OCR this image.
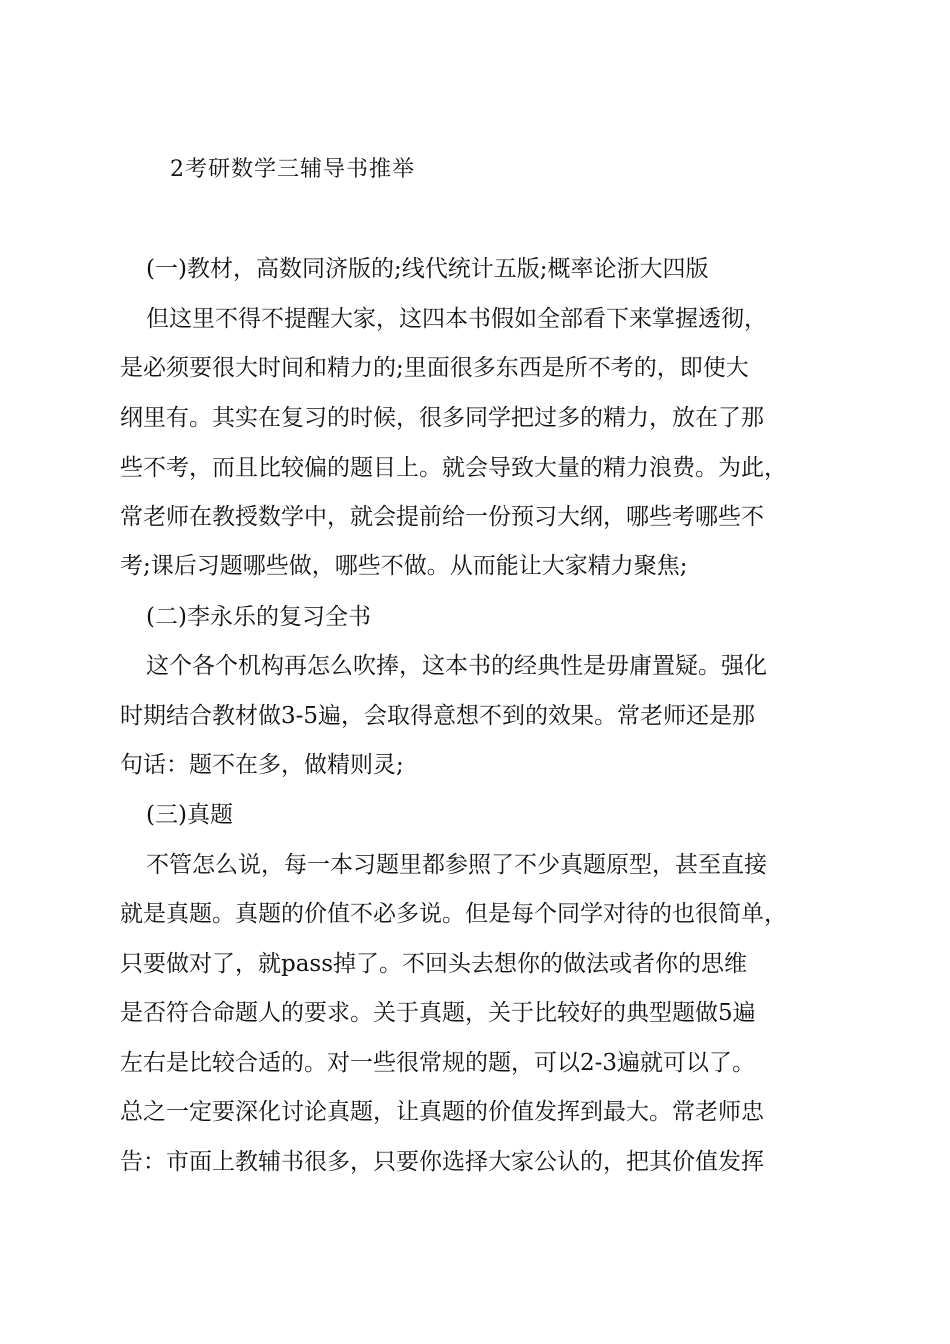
2考研数学三辅导书推举
(一)教材，高数同济版的;线代统计五版;概率论浙大四版
但这里不得不提醒大家，这四本书假如全部看下来掌握透彻，
是必须要很大时间和精力的;里面很多东西是所不考的，即使大
纲里有。其实在复习的时候，很多同学把过多的精力，放在了那
些不考，而且比较偏的题目上。就会导致大量的精力浪费。为此，
常老师在教授数学中，就会提前给一份预习大纲，哪些考哪些不
考;课后习题哪些做，哪些不做。从而能让大家精力聚焦;
(二)李永乐的复习全书
这个各个机构再怎么吹捧，这本书的经典性是毋庸置疑。强化
时期结合教材做3-5遍，会取得意想不到的效果。常老师还是那
句话：题不在多，做精则灵;
(三)真题
不管怎么说，每一本习题里都参照了不少真题原型，甚至直接
就是真题。真题的价值不必多说。但是每个同学对待的也很简单，
只要做对了，就pass掉了。不回头去想你的做法或者你的思维
是否符合命题人的要求。关于真题，关于比较好的典型题做5遍
左右是比较合适的。对一些很常规的题，可以2-3遍就可以了。
总之一定要深化讨论真题，让真题的价值发挥到最大。常老师忠
告：市面上教辅书很多，只要你选择大家公认的，把其价值发挥
